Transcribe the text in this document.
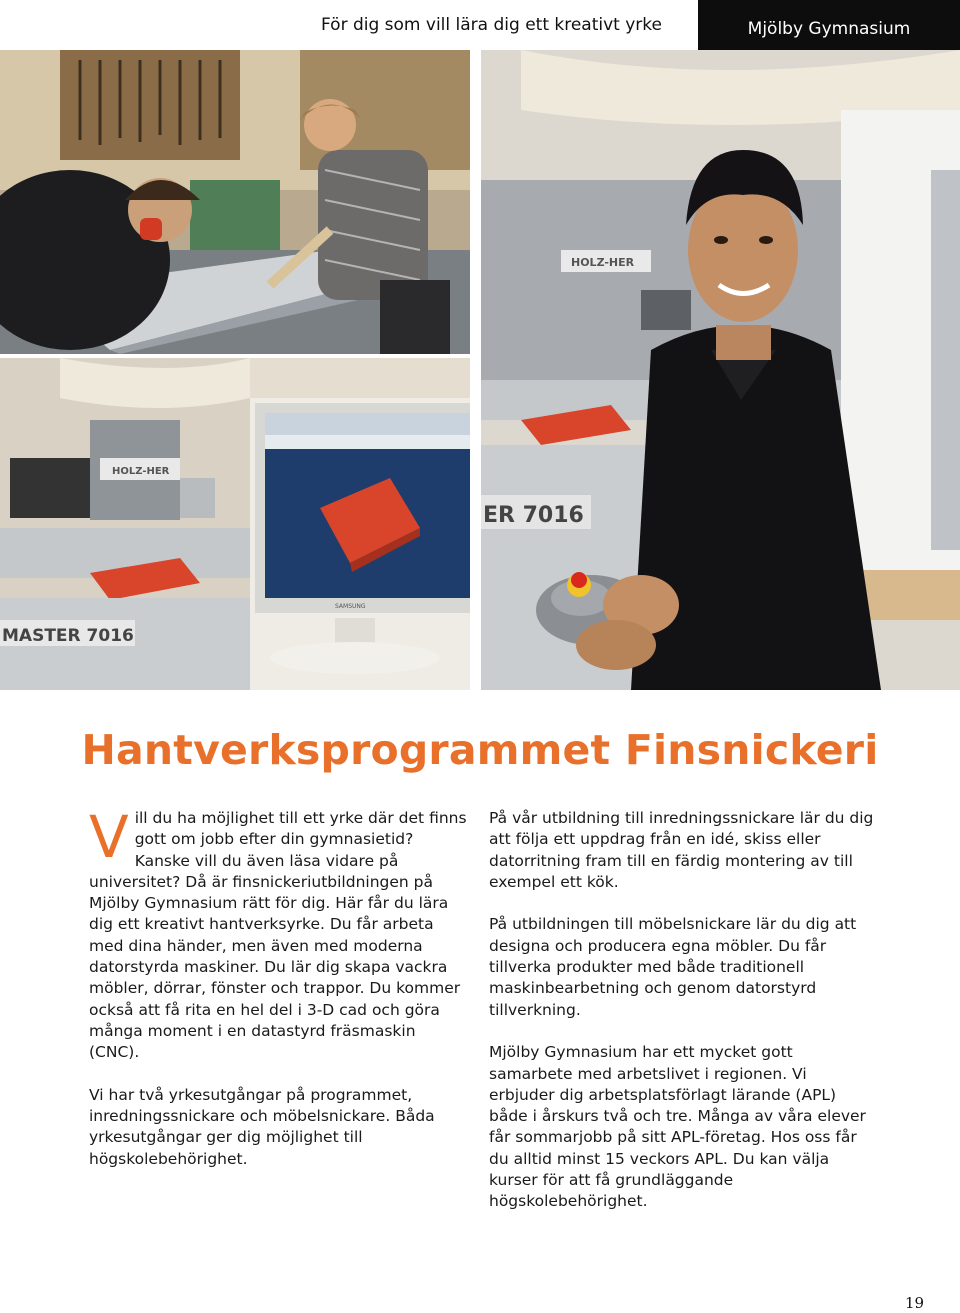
För dig som vill lära dig ett kreativt yrke	Mjölby Gymnasium
HOLZ-HER
MASTER 7016
SAMSUNG
HOLZ-HER
ER 7016
Hantverksprogrammet Finsnickeri

Vill du ha möjlighet till ett yrke där det finns gott om jobb efter din gymnasietid? Kanske vill du även läsa vidare på universitet? Då är finsnickeriutbildningen på Mjölby Gymnasium rätt för dig. Här får du lära dig ett kreativt hantverksyrke. Du får arbeta med dina händer, men även med moderna datorstyrda maskiner. Du lär dig skapa vackra möbler, dörrar, fönster och trappor. Du kommer också att få rita en hel del i 3-D cad och göra många moment i en datastyrd fräsmaskin (CNC).

Vi har två yrkesutgångar på programmet, inredningssnickare och möbelsnickare. Båda yrkesutgångar ger dig möjlighet till högskolebehörighet.

På vår utbildning till inredningssnickare lär du dig att följa ett uppdrag från en idé, skiss eller datorritning fram till en färdig montering av till exempel ett kök.

På utbildningen till möbelsnickare lär du dig att designa och producera egna möbler. Du får tillverka produkter med både traditionell maskinbearbetning och genom datorstyrd tillverkning.

Mjölby Gymnasium har ett mycket gott samarbete med arbetslivet i regionen. Vi erbjuder dig arbetsplatsförlagt lärande (APL) både i årskurs två och tre. Många av våra elever får sommarjobb på sitt APL-företag. Hos oss får du alltid minst 15 veckors APL. Du kan välja kurser för att få grundläggande högskolebehörighet.

19
